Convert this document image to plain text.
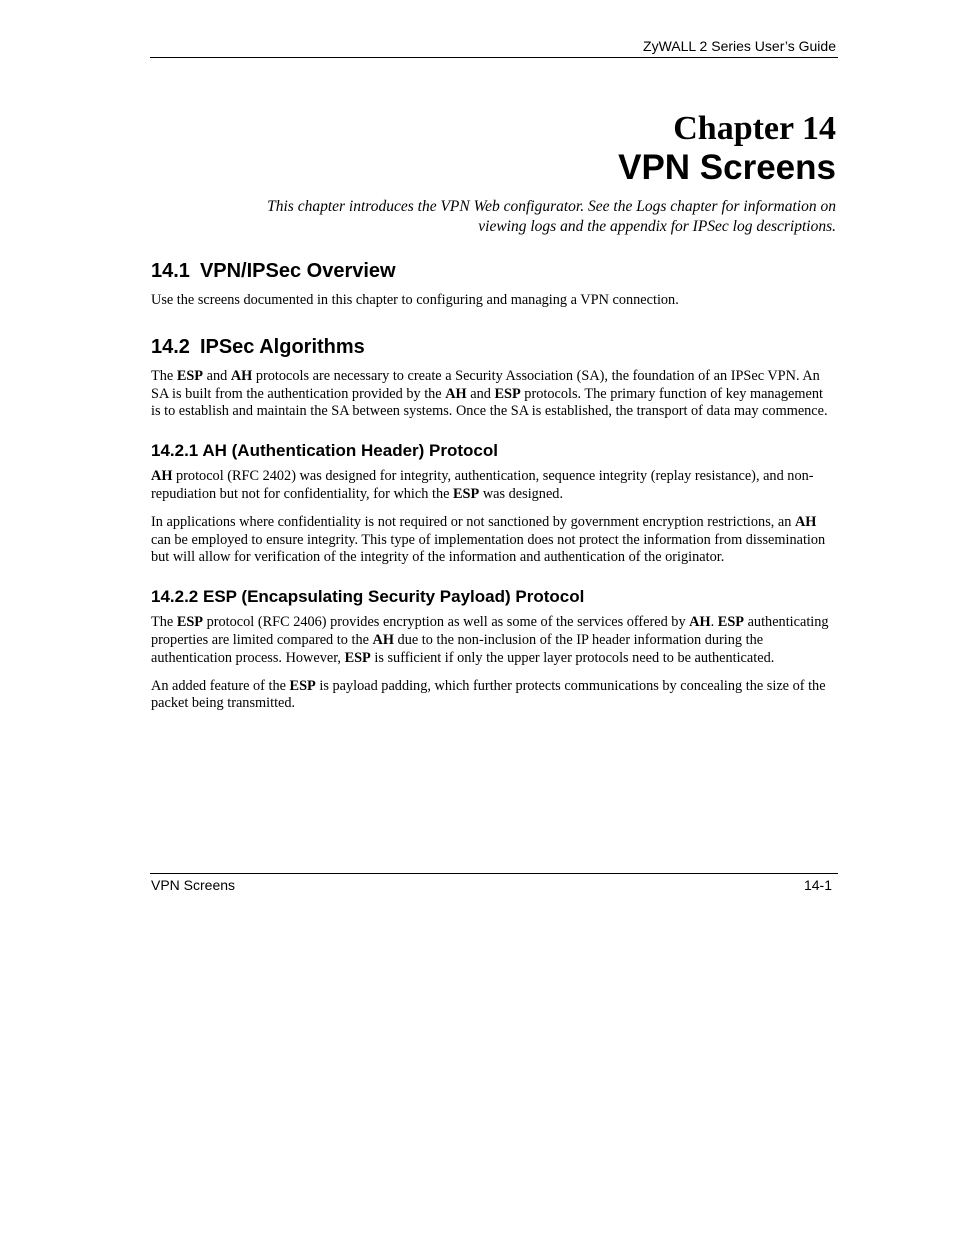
ZyWALL 2 Series User’s Guide
Chapter 14
VPN Screens
This chapter introduces the VPN Web configurator. See the Logs chapter for information on
viewing logs and the appendix for IPSec log descriptions.
14.1 VPN/IPSec Overview

Use the screens documented in this chapter to configuring and managing a VPN connection.

14.2 IPSec Algorithms

The ESP and AH protocols are necessary to create a Security Association (SA), the foundation of an IPSec VPN. An SA is built from the authentication provided by the AH and ESP protocols. The primary function of key management is to establish and maintain the SA between systems. Once the SA is established, the transport of data may commence.

14.2.1 AH (Authentication Header) Protocol

AH protocol (RFC 2402) was designed for integrity, authentication, sequence integrity (replay resistance), and non-repudiation but not for confidentiality, for which the ESP was designed.

In applications where confidentiality is not required or not sanctioned by government encryption restrictions, an AH can be employed to ensure integrity. This type of implementation does not protect the information from dissemination but will allow for verification of the integrity of the information and authentication of the originator.

14.2.2 ESP (Encapsulating Security Payload) Protocol

The ESP protocol (RFC 2406) provides encryption as well as some of the services offered by AH. ESP authenticating properties are limited compared to the AH due to the non-inclusion of the IP header information during the authentication process. However, ESP is sufficient if only the upper layer protocols need to be authenticated.

An added feature of the ESP is payload padding, which further protects communications by concealing the size of the packet being transmitted.

VPN Screens	14-1
